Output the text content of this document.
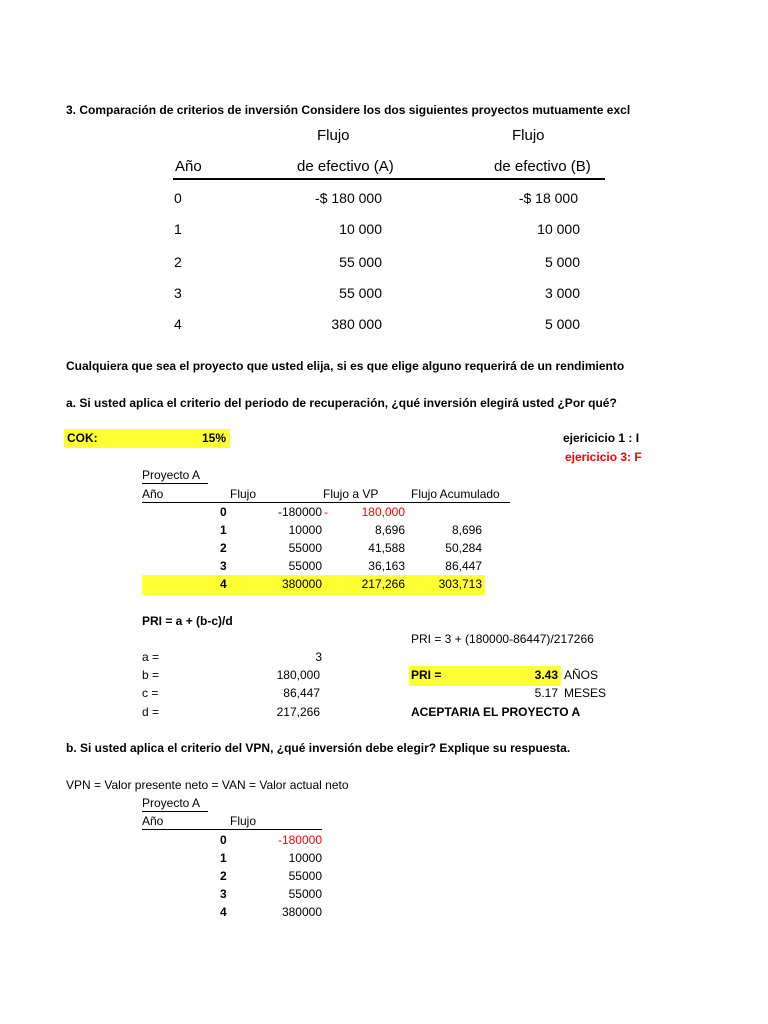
3. Comparación de criterios de inversión Considere los dos siguientes proyectos mutuamente excl
Flujo	Flujo
Año	de efectivo (A)	de efectivo (B)
0	-$ 180 000	-$ 18 000
1	10 000	10 000
2	55 000	5 000
3	55 000	3 000
4	380 000	5 000
Cualquiera que sea el proyecto que usted elija, si es que elige alguno requerirá de un rendimiento
a. Si usted aplica el criterio del periodo de recuperación, ¿qué inversión elegirá usted ¿Por qué?
COK:	15%	ejericicio 1 : I
ejericicio 3: F
Proyecto A
Año	Flujo	Flujo a VP	Flujo Acumulado
0	-180000 -	180,000
1	10000	8,696	8,696
2	55000	41,588	50,284
3	55000	36,163	86,447
4	380000	217,266	303,713
PRI = a + (b-c)/d
PRI = 3 + (180000-86447)/217266
a =	3
b =	180,000	PRI =	3.43 AÑOS
c =	86,447	5.17 MESES
d =	217,266	ACEPTARIA EL PROYECTO A
b. Si usted aplica el criterio del VPN, ¿qué inversión debe elegir? Explique su respuesta.
VPN = Valor presente neto = VAN = Valor actual neto
Proyecto A
Año	Flujo
0	-180000
1	10000
2	55000
3	55000
4	380000
